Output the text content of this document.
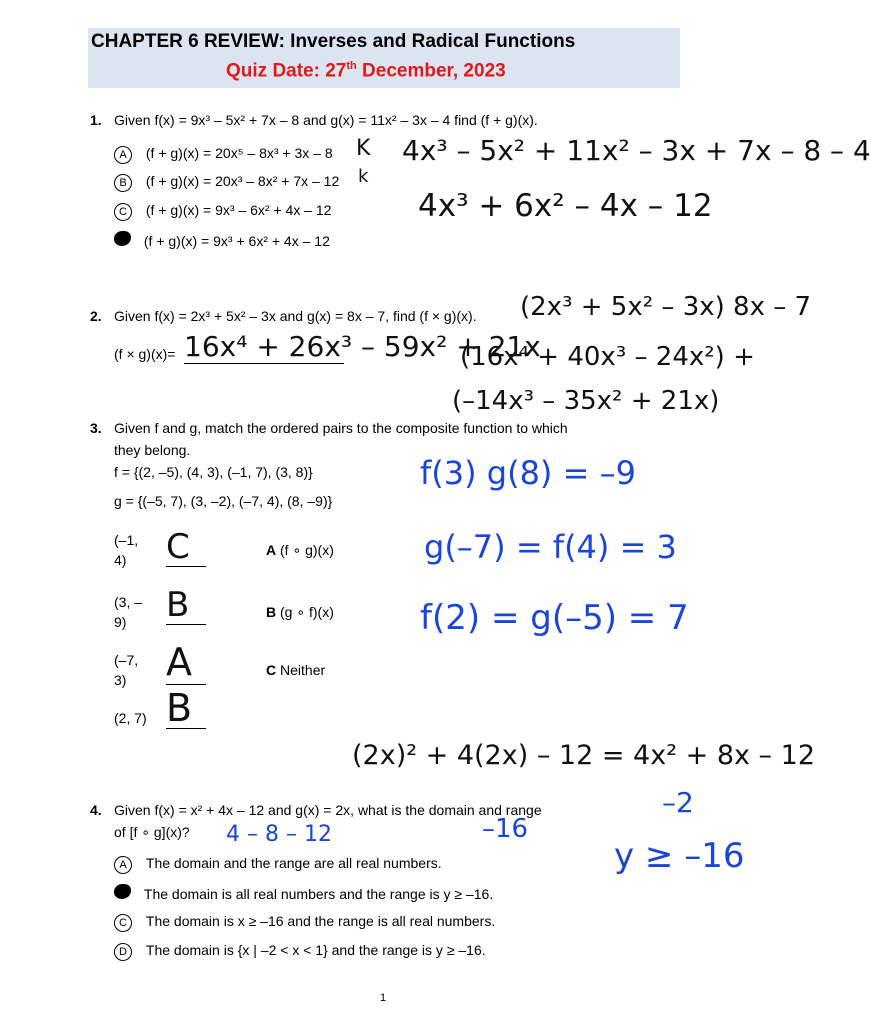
CHAPTER 6 REVIEW: Inverses and Radical Functions
Quiz Date: 27th December, 2023
1. Given f(x) = 9x³ – 5x² + 7x – 8 and g(x) = 11x² – 3x – 4 find (f + g)(x).
A (f + g)(x) = 20x⁵ – 8x³ + 3x – 8
B (f + g)(x) = 20x³ – 8x² + 7x – 12
C (f + g)(x) = 9x³ – 6x² + 4x – 12
(f + g)(x) = 9x³ + 6x² + 4x – 12
K
k
4x³ – 5x² + 11x² – 3x + 7x – 8 – 4
4x³ + 6x² – 4x – 12
2. Given f(x) = 2x³ + 5x² – 3x and g(x) = 8x – 7, find (f × g)(x).
(f × g)(x)= 16x⁴ + 26x³ – 59x² + 21x
(2x³ + 5x² – 3x) 8x – 7
(16x⁴ + 40x³ – 24x²) +
(–14x³ – 35x² + 21x)
3. Given f and g, match the ordered pairs to the composite function to which
they belong.
f = {(2, –5), (4, 3), (–1, 7), (3, 8)}
g = {(–5, 7), (3, –2), (–7, 4), (8, –9)}
(–1,
4)	C
(3, –
9)	B
(–7,
3)	A
(2, 7) B
A (f ∘ g)(x)
B (g ∘ f)(x)
C Neither
f(3) g(8) = –9
g(–7) = f(4) = 3
f(2) = g(–5) = 7
(2x)² + 4(2x) – 12 = 4x² + 8x – 12
4. Given f(x) = x² + 4x – 12 and g(x) = 2x, what is the domain and range
of [f ∘ g](x)?
A The domain and the range are all real numbers.
The domain is all real numbers and the range is y ≥ –16.
C The domain is x ≥ –16 and the range is all real numbers.
D The domain is {x | –2 < x < 1} and the range is y ≥ –16.
4 – 8 – 12	–16
–2
y ≥ –16
1
